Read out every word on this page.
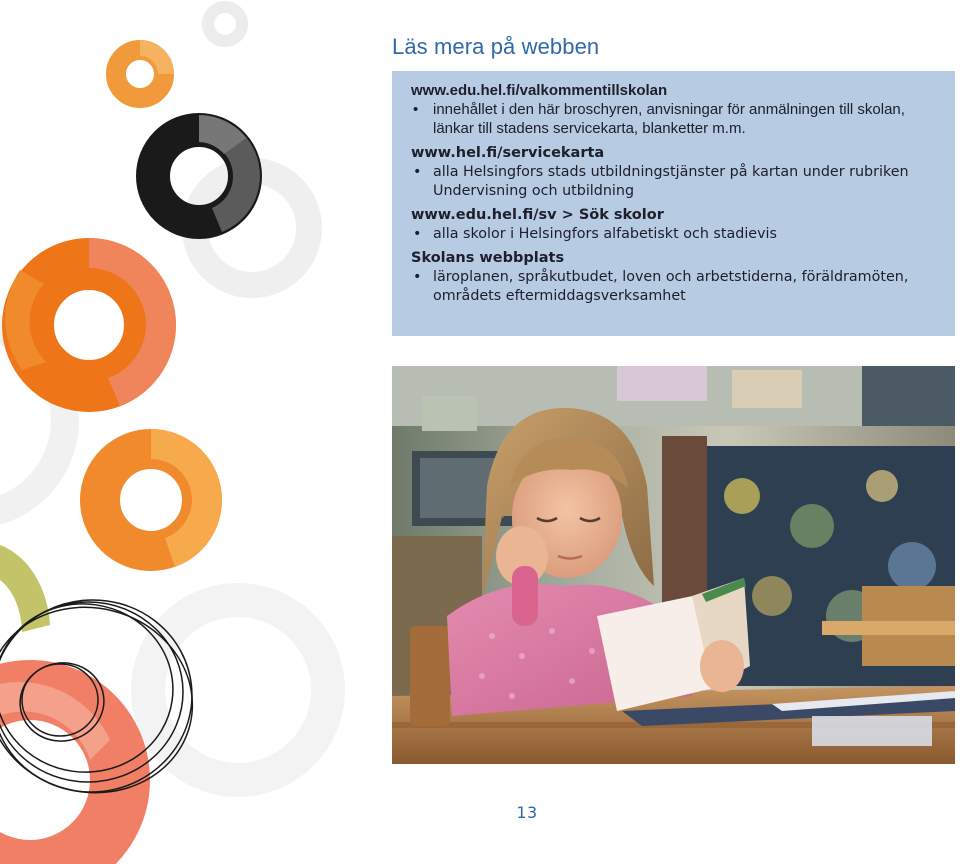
Läs mera på webben
www.edu.hel.fi/valkommentillskolan

• innehållet i den här broschyren, anvisningar för anmälningen till skolan, länkar till stadens servicekarta, blanketter m.m.

www.hel.fi/servicekarta

• alla Helsingfors stads utbildningstjänster på kartan under rubriken Undervisning och utbildning

www.edu.hel.fi/sv > Sök skolor

• alla skolor i Helsingfors alfabetiskt och stadievis

Skolans webbplats

• läroplanen, språkutbudet, loven och arbetstiderna, föräldramöten, områdets eftermiddagsverksamhet

13
